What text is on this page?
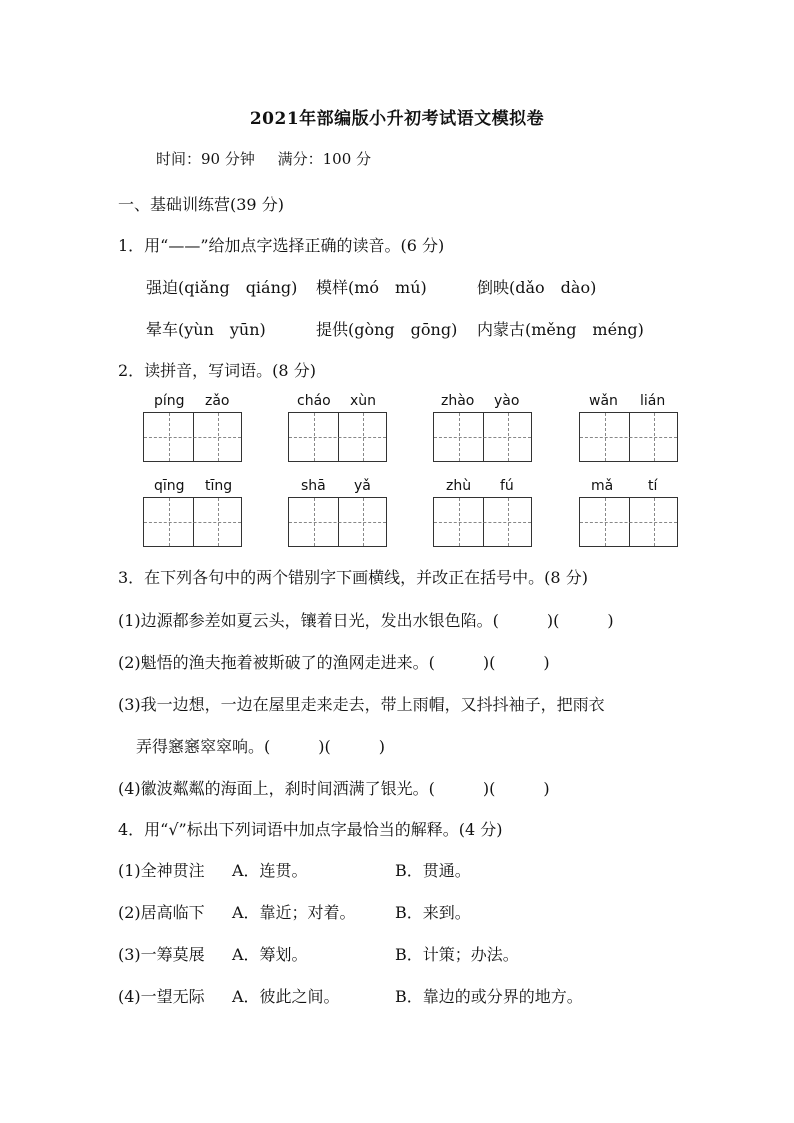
2021年部编版小升初考试语文模拟卷
时间：90 分钟 满分：100 分
一、基础训练营(39 分)
1．用“——”给加点字选择正确的读音。(6 分)
强迫(qiǎng　qiáng) 模样(mó　mú)	倒映(dǎo　dào)
晕车(yùn　yūn)	提供(gòng　gōng) 内蒙古(měng　méng)
2．读拼音，写词语。(8 分)
píng zǎo	cháo xùn	zhào yào	wǎn lián
qīng tīng	shā yǎ	zhù fú	mǎ tí
3．在下列各句中的两个错别字下画横线，并改正在括号中。(8 分)
(1)边源都参差如夏云头，镶着日光，发出水银色陷。(　　　)(　　　)
(2)魁悟的渔夫拖着被斯破了的渔网走进来。(　　　)(　　　)
(3)我一边想，一边在屋里走来走去，带上雨帽，又抖抖袖子，把雨衣
弄得窸窸窣窣响。(　　　)(　　　)
(4)徽波粼粼的海面上，刹时间洒满了银光。(　　　)(　　　)
4．用“√”标出下列词语中加点字最恰当的解释。(4 分)
(1)全神贯注 A．连贯。	B．贯通。
(2)居高临下 A．靠近；对着。 B．来到。
(3)一筹莫展 A．筹划。	B．计策；办法。
(4)一望无际 A．彼此之间。	B．靠边的或分界的地方。
